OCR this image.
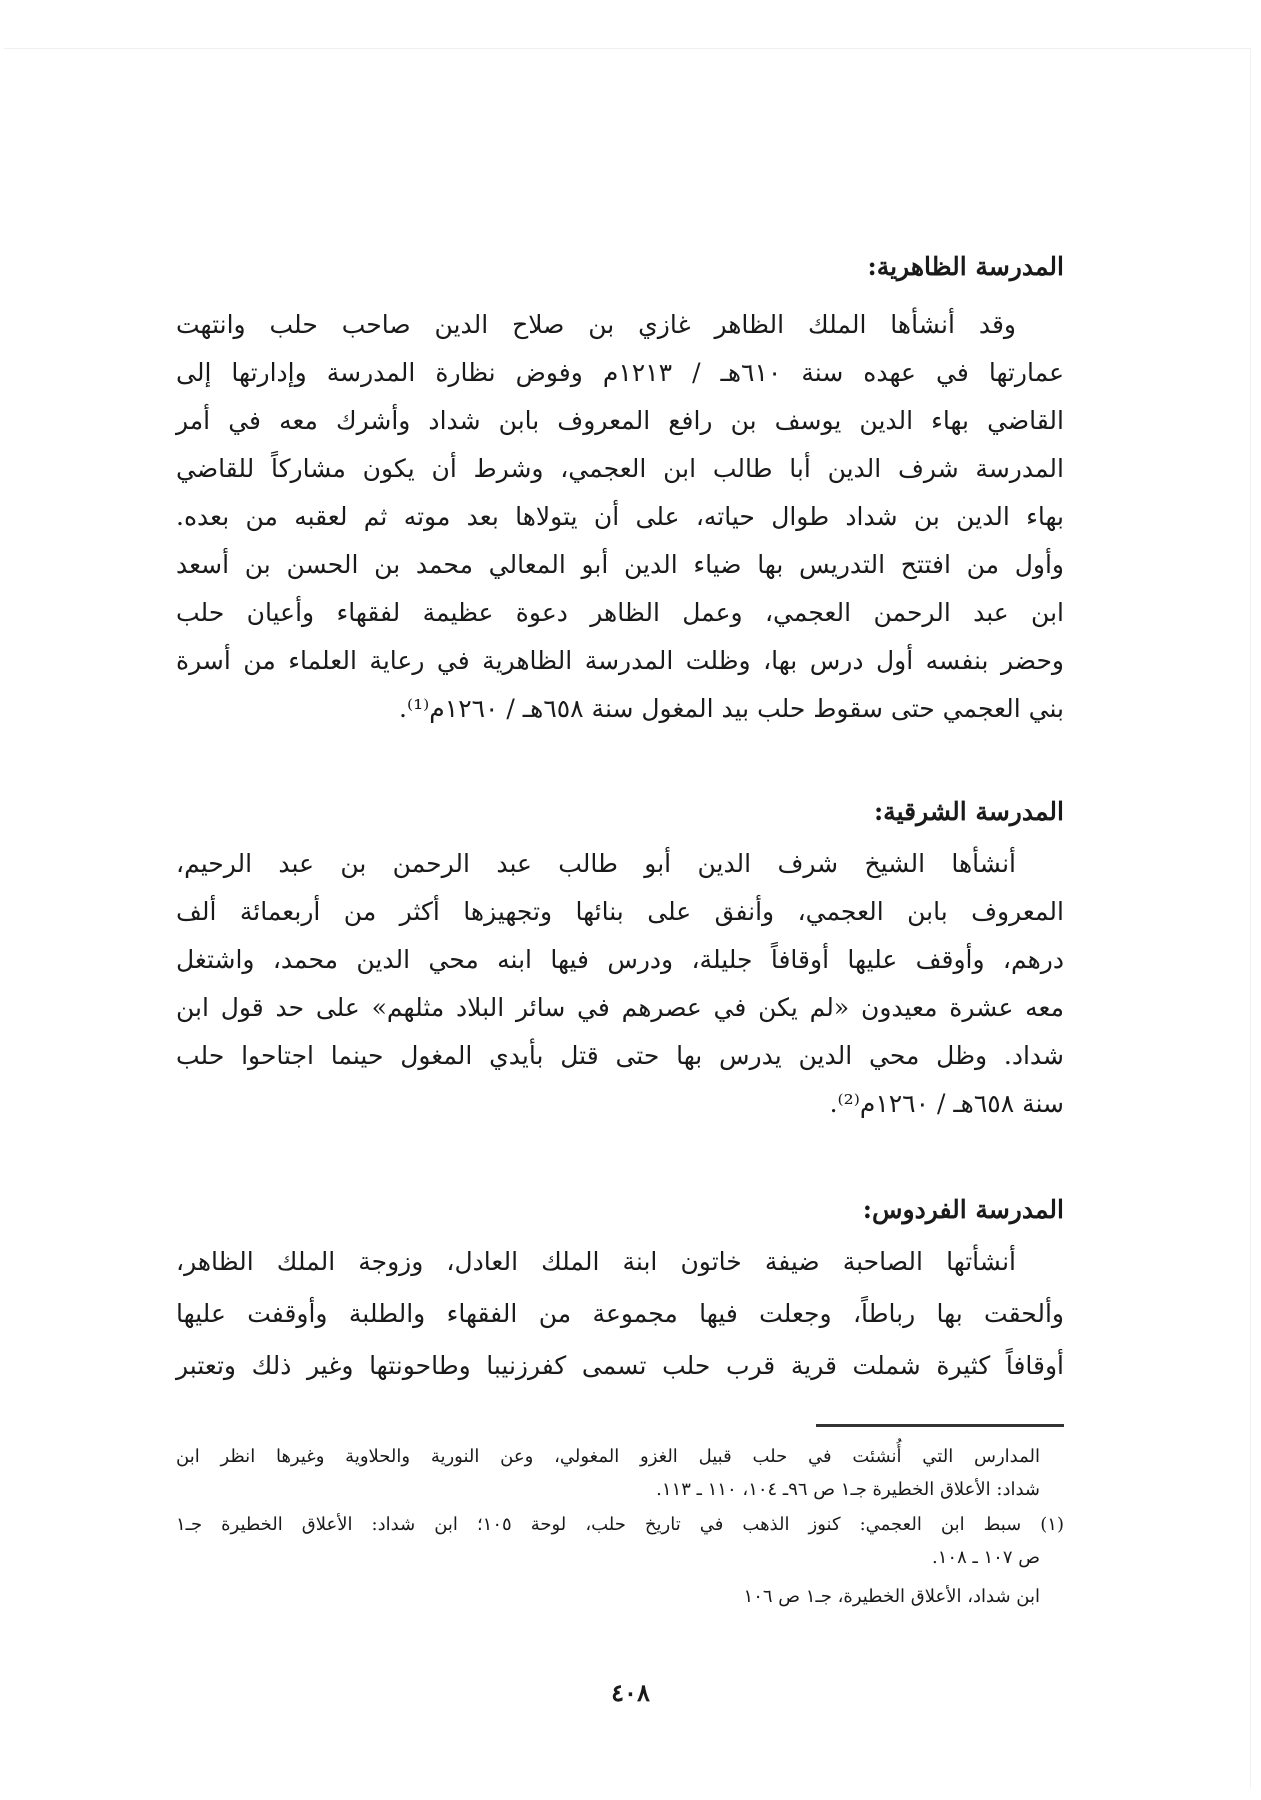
المدرسة الظاهرية:
وقد أنشأها الملك الظاهر غازي بن صلاح الدين صاحب حلب وانتهت
عمارتها في عهده سنة ٦١٠هـ / ١٢١٣م وفوض نظارة المدرسة وإدارتها إلى
القاضي بهاء الدين يوسف بن رافع المعروف بابن شداد وأشرك معه في أمر
المدرسة شرف الدين أبا طالب ابن العجمي، وشرط أن يكون مشاركاً للقاضي
بهاء الدين بن شداد طوال حياته، على أن يتولاها بعد موته ثم لعقبه من بعده.
وأول من افتتح التدريس بها ضياء الدين أبو المعالي محمد بن الحسن بن أسعد
ابن عبد الرحمن العجمي، وعمل الظاهر دعوة عظيمة لفقهاء وأعيان حلب
وحضر بنفسه أول درس بها، وظلت المدرسة الظاهرية في رعاية العلماء من أسرة
بني العجمي حتى سقوط حلب بيد المغول سنة ٦٥٨هـ / ١٢٦٠م⁽¹⁾.
المدرسة الشرقية:
أنشأها الشيخ شرف الدين أبو طالب عبد الرحمن بن عبد الرحيم،
المعروف بابن العجمي، وأنفق على بنائها وتجهيزها أكثر من أربعمائة ألف
درهم، وأوقف عليها أوقافاً جليلة، ودرس فيها ابنه محي الدين محمد، واشتغل
معه عشرة معيدون «لم يكن في عصرهم في سائر البلاد مثلهم» على حد قول ابن
شداد. وظل محي الدين يدرس بها حتى قتل بأيدي المغول حينما اجتاحوا حلب
سنة ٦٥٨هـ / ١٢٦٠م⁽²⁾.
المدرسة الفردوس:
أنشأتها الصاحبة ضيفة خاتون ابنة الملك العادل، وزوجة الملك الظاهر،
وألحقت بها رباطاً، وجعلت فيها مجموعة من الفقهاء والطلبة وأوقفت عليها
أوقافاً كثيرة شملت قرية قرب حلب تسمى كفرزنيبا وطاحونتها وغير ذلك وتعتبر
المدارس التي أُنشئت في حلب قبيل الغزو المغولي، وعن النورية والحلاوية وغيرها انظر ابن
شداد: الأعلاق الخطيرة جـ١ ص ٩٦ـ ١٠٤، ١١٠ ـ ١١٣.
(١) سبط ابن العجمي: كنوز الذهب في تاريخ حلب، لوحة ١٠٥؛ ابن شداد: الأعلاق الخطيرة جـ١
ص ١٠٧ ـ ١٠٨.
ابن شداد، الأعلاق الخطيرة، جـ١ ص ١٠٦
٤٠٨
